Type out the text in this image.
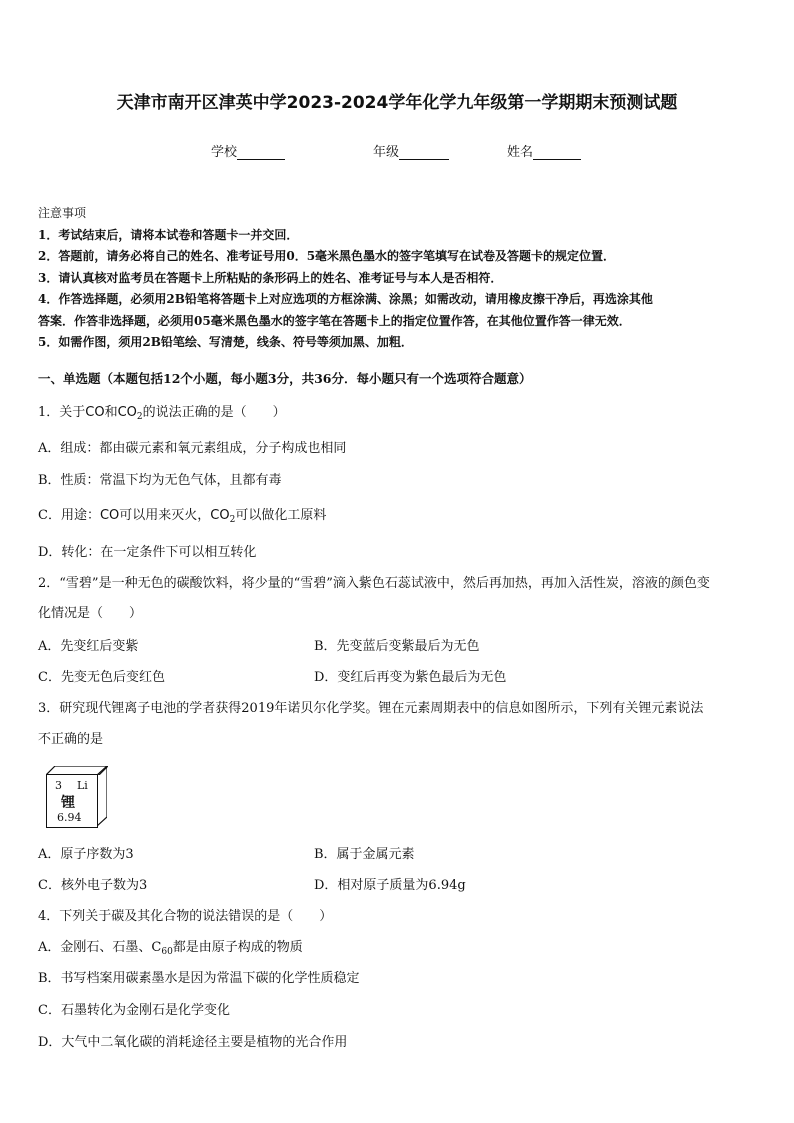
天津市南开区津英中学2023-2024学年化学九年级第一学期期末预测试题
学校	年级	姓名

注意事项

1．考试结束后，请将本试卷和答题卡一并交回．

2．答题前，请务必将自己的姓名、准考证号用0．5毫米黑色墨水的签字笔填写在试卷及答题卡的规定位置．

3．请认真核对监考员在答题卡上所粘贴的条形码上的姓名、准考证号与本人是否相符．

4．作答选择题，必须用2B铅笔将答题卡上对应选项的方框涂满、涂黑；如需改动，请用橡皮擦干净后，再选涂其他

答案．作答非选择题，必须用05毫米黑色墨水的签字笔在答题卡上的指定位置作答，在其他位置作答一律无效．

5．如需作图，须用2B铅笔绘、写清楚，线条、符号等须加黑、加粗．

一、单选题（本题包括12个小题，每小题3分，共36分．每小题只有一个选项符合题意）
1．关于CO和$CO_2$的说法正确的是（　　）
A．组成：都由碳元素和氧元素组成，分子构成也相同
B．性质：常温下均为无色气体，且都有毒
C．用途：CO可以用来灭火，$CO_2$可以做化工原料
D．转化：在一定条件下可以相互转化
2．“雪碧”是一种无色的碳酸饮料，将少量的“雪碧”滴入紫色石蕊试液中，然后再加热，再加入活性炭，溶液的颜色变
化情况是（　　）
A．先变红后变紫	B．先变蓝后变紫最后为无色
C．先变无色后变红色	D．变红后再变为紫色最后为无色
3．研究现代锂离子电池的学者获得2019年诺贝尔化学奖。锂在元素周期表中的信息如图所示，下列有关锂元素说法
不正确的是
3 Li
锂
6.94
A．原子序数为3	B．属于金属元素
C．核外电子数为3	D．相对原子质量为6.94g
4．下列关于碳及其化合物的说法错误的是（　　）
A．金刚石、石墨、$C_{60}$都是由原子构成的物质
B．书写档案用碳素墨水是因为常温下碳的化学性质稳定
C．石墨转化为金刚石是化学变化
D．大气中二氧化碳的消耗途径主要是植物的光合作用
